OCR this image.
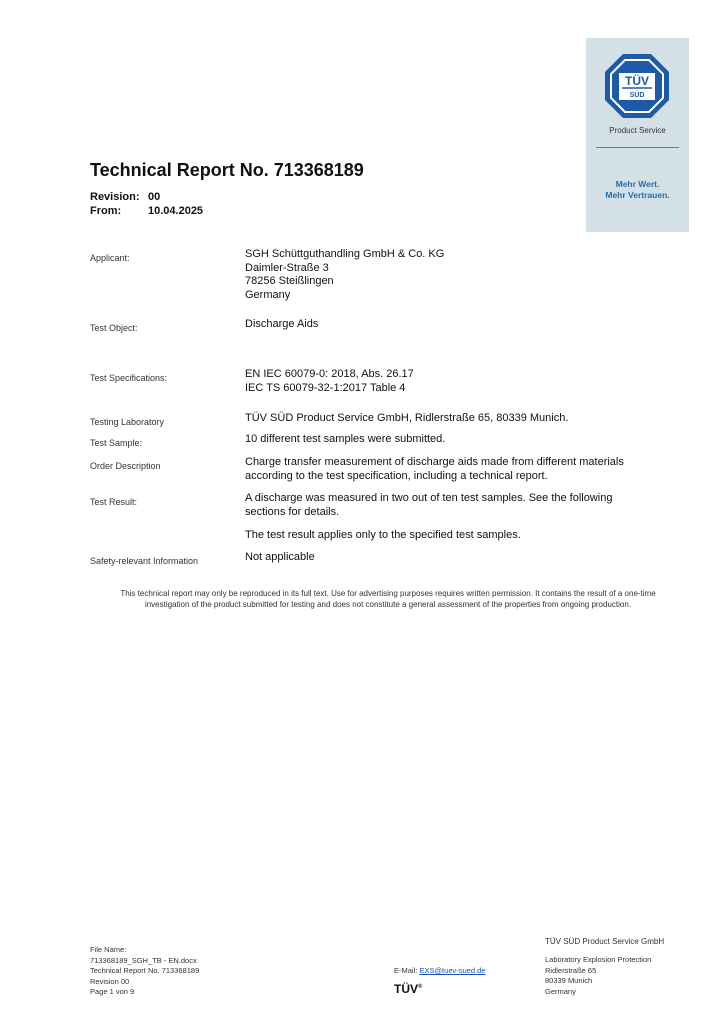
TÜV
SÜD
Product Service
Mehr Wert.
Mehr Vertrauen.
Technical Report No. 713368189
Revision: 00
From: 10.04.2025
Applicant:	SGH Schüttguthandling GmbH & Co. KG
Daimler-Straße 3
78256 Steißlingen
Germany
Test Object:	Discharge Aids
Test Specifications:	EN IEC 60079-0: 2018, Abs. 26.17
IEC TS 60079-32-1:2017 Table 4
Testing Laboratory	TÜV SÜD Product Service GmbH, Ridlerstraße 65, 80339 Munich.
Test Sample:	10 different test samples were submitted.
Order Description	Charge transfer measurement of discharge aids made from different materials
according to the test specification, including a technical report.
Test Result:	A discharge was measured in two out of ten test samples. See the following
sections for details.
The test result applies only to the specified test samples.
Safety-relevant Information	Not applicable
This technical report may only be reproduced in its full text. Use for advertising purposes requires written permission. It contains the result of a one-time investigation of the product submitted for testing and does not constitute a general assessment of the properties from ongoing production.
File Name:
713368189_SGH_TB - EN.docx
Technical Report No. 713368189
Revision 00
Page 1 von 9
E-Mail: EXS@tuev-sued.de
TÜV®
TÜV SÜD Product Service GmbH
Laboratory Explosion Protection
Ridlerstraße 65
80339 Munich
Germany
